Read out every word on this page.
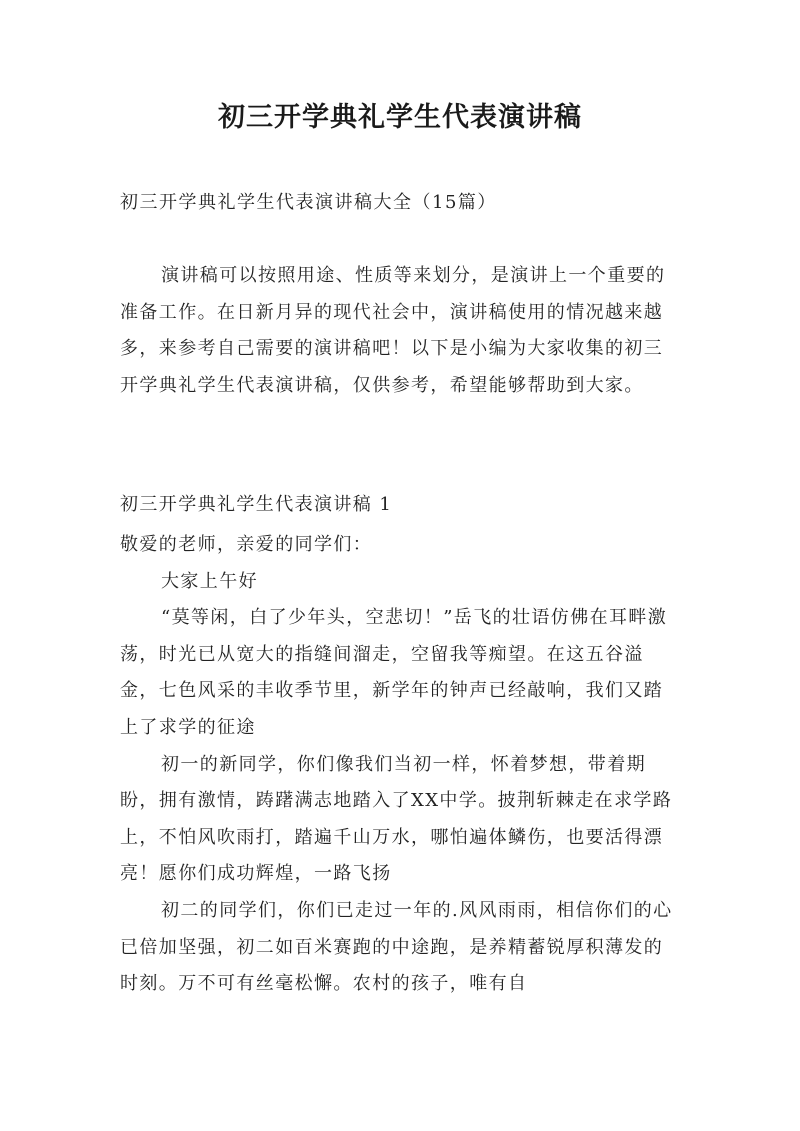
初三开学典礼学生代表演讲稿
初三开学典礼学生代表演讲稿大全（15篇）

演讲稿可以按照用途、性质等来划分，是演讲上一个重要的准备工作。在日新月异的现代社会中，演讲稿使用的情况越来越多，来参考自己需要的演讲稿吧！以下是小编为大家收集的初三开学典礼学生代表演讲稿，仅供参考，希望能够帮助到大家。

初三开学典礼学生代表演讲稿 1

敬爱的老师，亲爱的同学们：

大家上午好

“莫等闲，白了少年头，空悲切！”岳飞的壮语仿佛在耳畔激荡，时光已从宽大的指缝间溜走，空留我等痴望。在这五谷溢金，七色风采的丰收季节里，新学年的钟声已经敲响，我们又踏上了求学的征途

初一的新同学，你们像我们当初一样，怀着梦想，带着期盼，拥有激情，踌躇满志地踏入了XX中学。披荆斩棘走在求学路上，不怕风吹雨打，踏遍千山万水，哪怕遍体鳞伤，也要活得漂亮！愿你们成功辉煌，一路飞扬

初二的同学们，你们已走过一年的.风风雨雨，相信你们的心已倍加坚强，初二如百米赛跑的中途跑，是养精蓄锐厚积薄发的时刻。万不可有丝毫松懈。农村的孩子，唯有自
